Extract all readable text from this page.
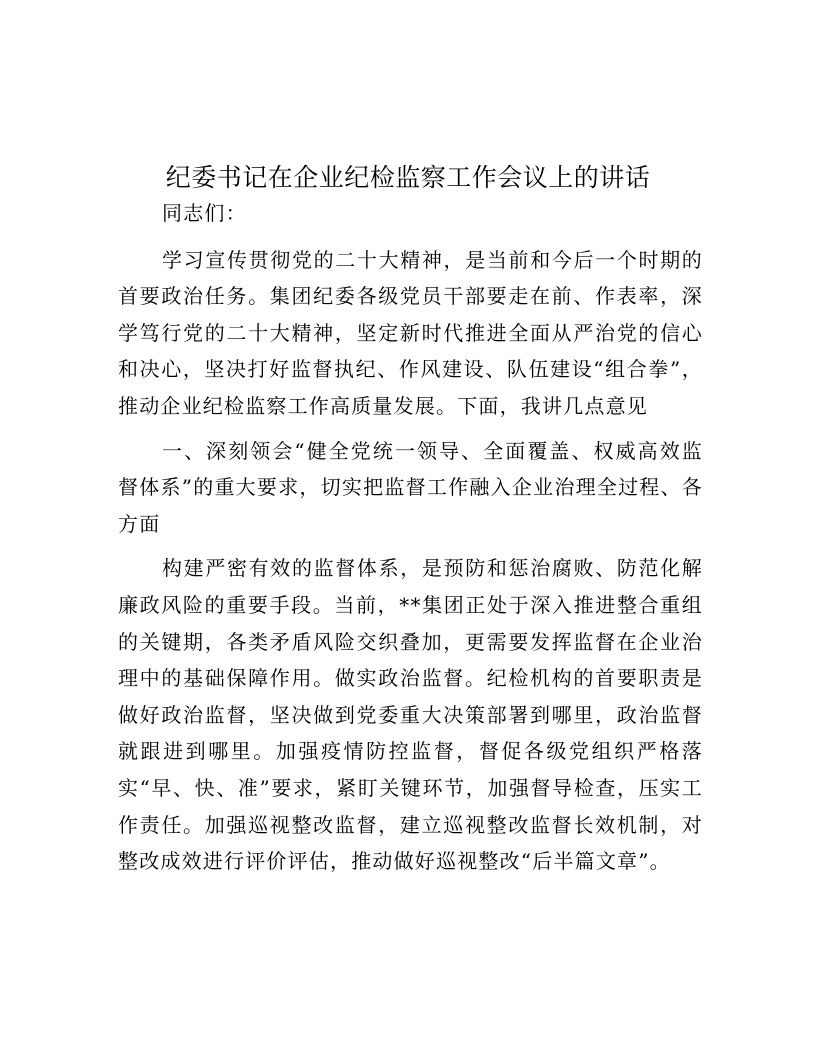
纪委书记在企业纪检监察工作会议上的讲话

同志们：

学习宣传贯彻党的二十大精神，是当前和今后一个时期的首要政治任务。集团纪委各级党员干部要走在前、作表率，深学笃行党的二十大精神，坚定新时代推进全面从严治党的信心和决心，坚决打好监督执纪、作风建设、队伍建设“组合拳”，推动企业纪检监察工作高质量发展。下面，我讲几点意见

一、深刻领会“健全党统一领导、全面覆盖、权威高效监督体系”的重大要求，切实把监督工作融入企业治理全过程、各方面

构建严密有效的监督体系，是预防和惩治腐败、防范化解廉政风险的重要手段。当前，**集团正处于深入推进整合重组的关键期，各类矛盾风险交织叠加，更需要发挥监督在企业治理中的基础保障作用。做实政治监督。纪检机构的首要职责是做好政治监督，坚决做到党委重大决策部署到哪里，政治监督就跟进到哪里。加强疫情防控监督，督促各级党组织严格落实“早、快、准”要求，紧盯关键环节，加强督导检查，压实工作责任。加强巡视整改监督，建立巡视整改监督长效机制，对整改成效进行评价评估，推动做好巡视整改“后半篇文章”。
